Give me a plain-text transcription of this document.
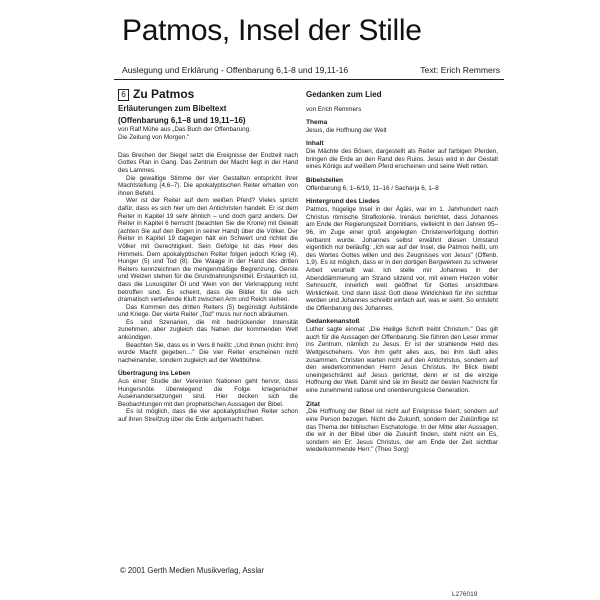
Patmos, Insel der Stille
Auslegung und Erklärung - Offenbarung 6,1-8 und 19,11-16	Text: Erich Remmers
6 Zu Patmos
Erläuterungen zum Bibeltext
(Offenbarung 6,1–8 und 19,11–16)
von Ralf Mühe aus „Das Buch der Offenbarung.
Die Zeitung von Morgen."

Das Brechen der Siegel setzt die Ereignisse der Endzeit nach Gottes Plan in Gang. Das Zentrum der Macht liegt in der Hand des Lammes.

Die gewaltige Stimme der vier Gestalten entspricht ihrer Machtstellung (4,6–7). Die apokalyptischen Reiter erhalten von ihnen Befehl.

Wer ist der Reiter auf dem weißen Pferd? Vieles spricht dafür, dass es sich hier um den Antichristen handelt. Er ist dem Reiter in Kapitel 19 sehr ähnlich – und doch ganz anders. Der Reiter in Kapitel 6 herrscht (beachten Sie die Krone) mit Gewalt (achten Sie auf den Bogen in seiner Hand) über die Völker. Der Reiter in Kapitel 19 dagegen hält ein Schwert und richtet die Völker mit Gerechtigkeit. Sein Gefolge ist das Heer des Himmels. Dem apokalyptischen Reiter folgen jedoch Krieg (4), Hunger (5) und Tod (8). Die Waage in der Hand des dritten Reiters kennzeichnen die mengenmäßige Begrenzung. Gerste und Weizen stehen für die Grundnahrungsmittel. Erstaunlich ist, dass die Luxusgüter Öl und Wein von der Verknappung nicht betroffen sind. Es scheint, dass die Bilder für die sich dramatisch vertiefende Kluft zwischen Arm und Reich stehen.

Das Kommen des dritten Reiters (5) begünstigt Aufstände und Kriege. Der vierte Reiter „Tod" muss nur noch abräumen.

Es sind Szenarien, die mit bedrückender Intensität zunehmen, aber zugleich das Nahen der kommenden Welt ankündigen.

Beachten Sie, dass es in Vers 8 heißt: „Und ihnen (nicht: ihm) wurde Macht gegeben…" Die vier Reiter erscheinen nicht nacheinander, sondern zugleich auf der Weltbühne.

Übertragung ins Leben

Aus einer Studie der Vereinten Nationen geht hervor, dass Hungersnöte überwiegend die Folge kriegerischer Auseinandersetzungen sind. Hier decken sich die Beobachtungen mit den prophetischen Aussagen der Bibel.

Es ist möglich, dass die vier apokalyptischen Reiter schon auf ihren Streifzug über die Erde aufgemacht haben.

Gedanken zum Lied
von Erich Remmers
Thema

Jesus, die Hoffnung der Welt

Inhalt

Die Mächte des Bösen, dargestellt als Reiter auf farbigen Pferden, bringen die Erde an den Rand des Ruins. Jesus wird in der Gestalt eines Königs auf weißem Pferd erscheinen und seine Welt retten.

Bibelstellen

Offenbarung 6, 1–6/19, 11–16 / Sacharja 6, 1–8

Hintergrund des Liedes

Patmos, hügelige Insel in der Ägäis, war im 1. Jahrhundert nach Christus römische Strafkolonie. Irenäus berichtet, dass Johannes am Ende der Regierungszeit Domitians, vielleicht in den Jahren 95–96, im Zuge einer groß angelegten Christenverfolgung dorthin verbannt wurde. Johannes selbst erwähnt diesen Umstand eigentlich nur beiläufig: „Ich war auf der Insel, die Patmos heißt, um des Wortes Gottes willen und des Zeugnisses von Jesus" (Offenb. 1,9). Es ist möglich, dass er in den dortigen Bergwerken zu schwerer Arbeit verurteilt war. Ich stelle mir Johannes in der Abenddämmerung am Strand sitzend vor, mit einem Herzen voller Sehnsucht, innerlich weit geöffnet für Gottes unsichtbare Wirklichkeit. Und dann lässt Gott diese Wirklichkeit für ihn sichtbar werden und Johannes schreibt einfach auf, was er sieht. So entsteht die Offenbarung des Johannes.

Gedankenanstoß

Luther sagte einmal: „Die Heilige Schrift treibt Christum." Das gilt auch für die Aussagen der Offenbarung. Sie führen den Leser immer ins Zentrum, nämlich zu Jesus. Er ist der strahlende Held des Weltgeschehens. Von ihm geht alles aus, bei ihm läuft alles zusammen. Christen warten nicht auf den Antichristus, sondern auf den wiederkommenden Herrn Jesus Christus. Ihr Blick bleibt uneingeschränkt auf Jesus gerichtet, denn er ist die einzige Hoffnung der Welt. Damit sind sie im Besitz der besten Nachricht für eine zunehmend ratlose und orientierungslose Generation.

Zitat

„Die Hoffnung der Bibel ist nicht auf Ereignisse fixiert, sondern auf eine Person bezogen. Nicht die Zukunft, sondern der Zukünftige ist das Thema der biblischen Eschatologie. In der Mitte aller Aussagen, die wir in der Bibel über die Zukunft finden, steht nicht ein Es, sondern ein Er: Jesus Christus, der am Ende der Zeit sichtbar wiederkommende Herr." (Theo Sorg)

© 2001 Gerth Medien Musikverlag, Asslar
L276019
